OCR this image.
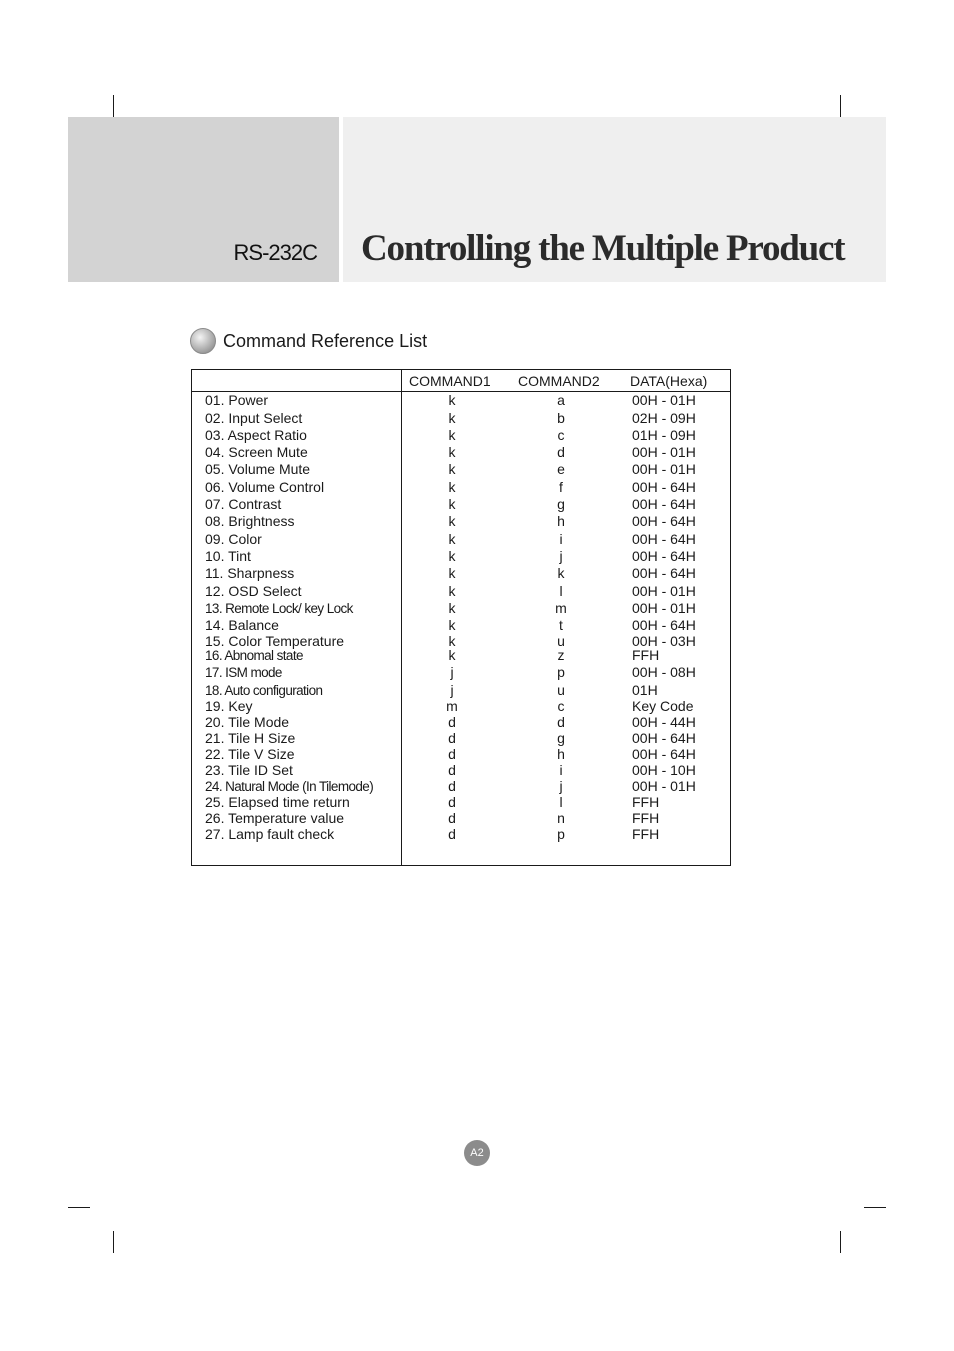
RS-232C Controlling the Multiple Product
Command Reference List
COMMAND1 COMMAND2 DATA(Hexa)
01. Power	k	a	00H - 01H
02. Input Select	k	b	02H - 09H
03. Aspect Ratio	k	c	01H - 09H
04. Screen Mute	k	d	00H - 01H
05. Volume Mute	k	e	00H - 01H
06. Volume Control	k	f	00H - 64H
07. Contrast	k	g	00H - 64H
08. Brightness	k	h	00H - 64H
09. Color	k	i	00H - 64H
10. Tint	k	j	00H - 64H
11. Sharpness	k	k	00H - 64H
12. OSD Select	k	l	00H - 01H
13. Remote Lock/ key Lock	k	m	00H - 01H
14. Balance	k	t	00H - 64H
15. Color Temperature	k	u	00H - 03H
16. Abnomal state	k	z	FFH
17. ISM mode	j	p	00H - 08H
18. Auto configuration	j	u	01H
19. Key	m	c	Key Code
20. Tile Mode	d	d	00H - 44H
21. Tile H Size	d	g	00H - 64H
22. Tile V Size	d	h	00H - 64H
23. Tile ID Set	d	i	00H - 10H
24. Natural Mode (In Tilemode)	d	j	00H - 01H
25. Elapsed time return	d	l	FFH
26. Temperature value	d	n	FFH
27. Lamp fault check	d	p	FFH
A2
